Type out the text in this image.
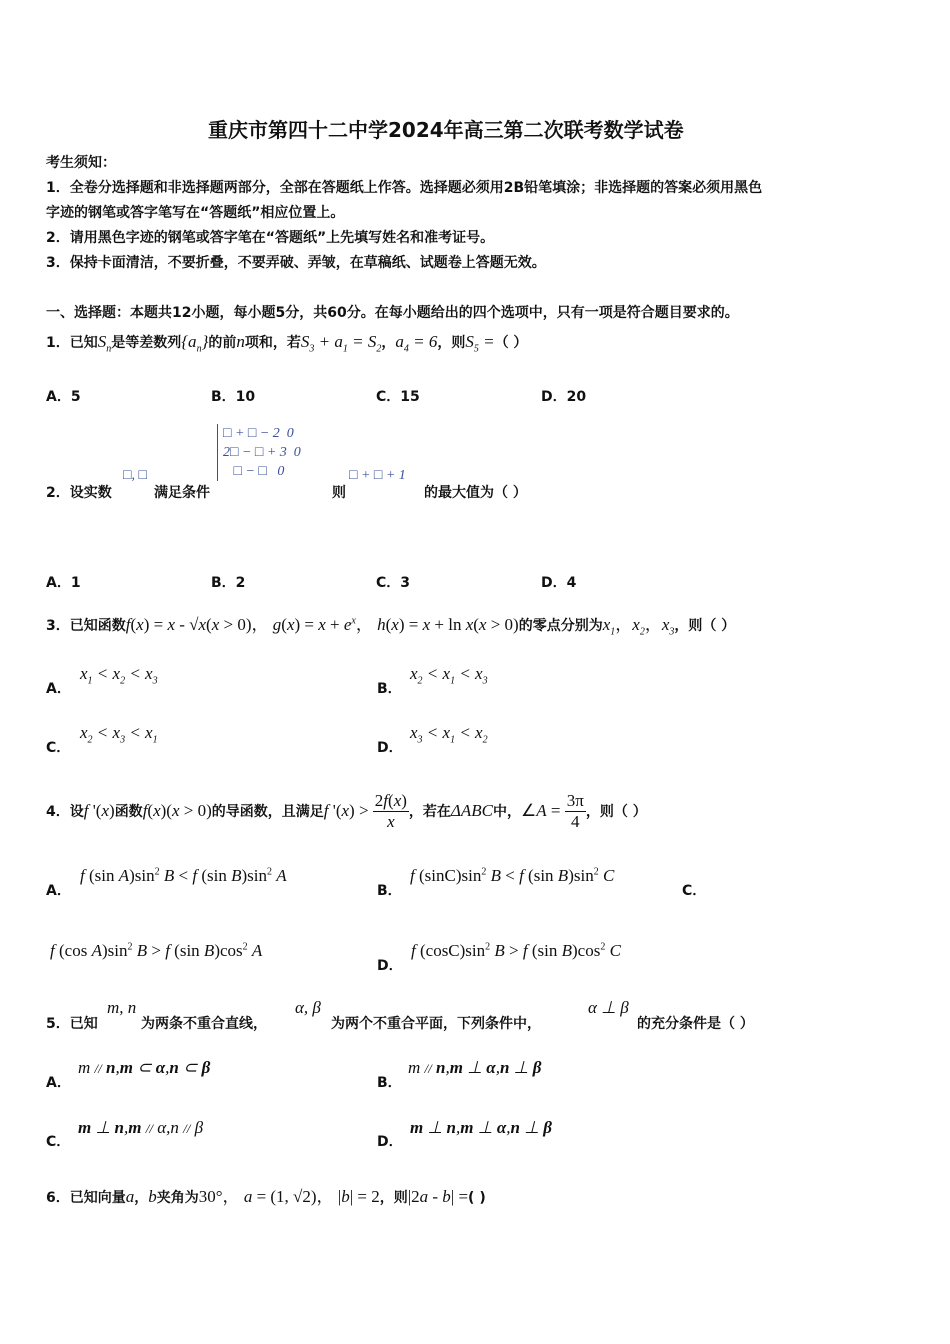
重庆市第四十二中学2024年高三第二次联考数学试卷
考生须知：
1．全卷分选择题和非选择题两部分，全部在答题纸上作答。选择题必须用2B铅笔填涂；非选择题的答案必须用黑色
字迹的钢笔或答字笔写在“答题纸”相应位置上。
2．请用黑色字迹的钢笔或答字笔在“答题纸”上先填写姓名和准考证号。
3．保持卡面清洁，不要折叠，不要弄破、弄皱，在草稿纸、试题卷上答题无效。
一、选择题：本题共12小题，每小题5分，共60分。在每小题给出的四个选项中，只有一项是符合题目要求的。
1．已知$S_n$是等差数列$\{a_n\}$的前n项和，若$S_3 + a_1 = S_2$，$a_4 = 6$，则$S_5$ =（ ）
A．5	B．10	C．15	D．20
2．设实数
□, □
满足条件
□ + □ − 2  0
2□ − □ + 3  0
□ − □   0
则
□ + □ + 1
的最大值为（ ）
A．1	B．2	C．3	D．4
3．已知函数f(x) = x - √x(x > 0)， $g(x) = x + e^x$， h(x) = x + ln x(x > 0)的零点分别为$x_1$，$x_2$，$x_3$，则（ ）
A．
$x_1 < x_2 < x_3$
B．
$x_2 < x_1 < x_3$
C．
$x_2 < x_3 < x_1$
D．
$x_3 < x_1 < x_2$
4．设f '(x)函数f(x)(x > 0)的导函数，且满足f '$(x) > \frac{2f(x)}{x}$ ，若在ΔABC中，∠A = $\frac{3\pi}{4}$ ，则（ ）
A．
f (sin $A)\sin^2$ B < f (sin $B)\sin^2$ A
B．
f $(\sin C)\sin^2$ B < f (sin $B)\sin^2$ C
C．
f (cos $A)\sin^2$ B > f (sin $B)\cos^2$ A
D．
f $(\cos C)\sin^2$ B > f (sin $B)\cos^2$ C
5．已知
m, n
为两条不重合直线，
α, β
为两个不重合平面，下列条件中，
α ⊥ β
的充分条件是（ ）
A．
m // n,m ⊂ α,n ⊂ β
B．
m // n,m ⊥ α,n ⊥ β
C．
m ⊥ n,m // α,n // β
D．
m ⊥ n,m ⊥ α,n ⊥ β
6．已知向量a，b夹角为30°， a = (1, √2)， |b| = 2，则|2a - b| =( )
